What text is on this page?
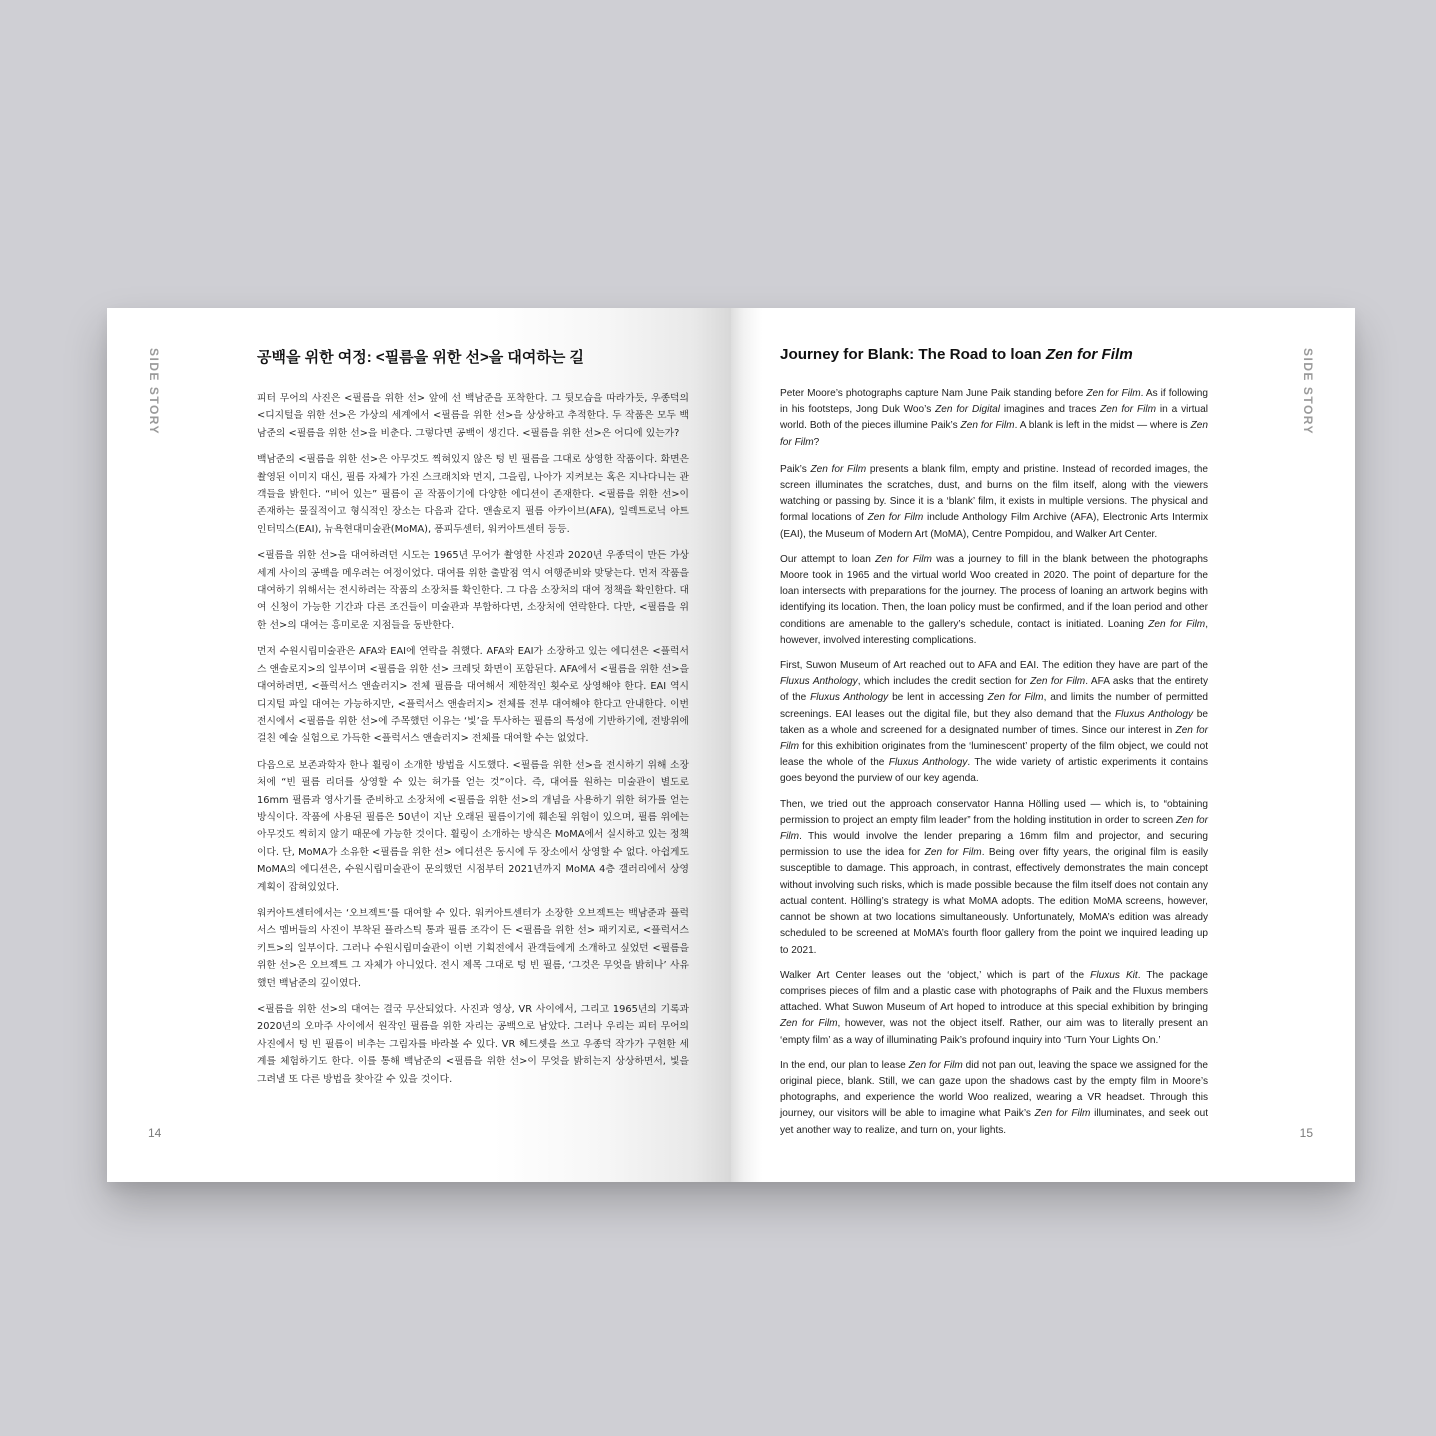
SIDE STORY	공백을 위한 여정: <필름을 위한 선>을 대여하는 길

피터 무어의 사진은 <필름을 위한 선> 앞에 선 백남준을 포착한다. 그 뒷모습을 따라가듯, 우종덕의 <디지털을 위한 선>은 가상의 세계에서 <필름을 위한 선>을 상상하고 추적한다. 두 작품은 모두 백남준의 <필름을 위한 선>을 비춘다. 그렇다면 공백이 생긴다. <필름을 위한 선>은 어디에 있는가?

백남준의 <필름을 위한 선>은 아무것도 찍혀있지 않은 텅 빈 필름을 그대로 상영한 작품이다. 화면은 촬영된 이미지 대신, 필름 자체가 가진 스크래치와 먼지, 그을림, 나아가 지켜보는 혹은 지나다니는 관객들을 밝힌다. “비어 있는” 필름이 곧 작품이기에 다양한 에디션이 존재한다. <필름을 위한 선>이 존재하는 물질적이고 형식적인 장소는 다음과 같다. 앤솔로지 필름 아카이브(AFA), 일렉트로닉 아트 인터믹스(EAI), 뉴욕현대미술관(MoMA), 퐁피두센터, 워커아트센터 등등.

<필름을 위한 선>을 대여하려던 시도는 1965년 무어가 촬영한 사진과 2020년 우종덕이 만든 가상세계 사이의 공백을 메우려는 여정이었다. 대여를 위한 출발점 역시 여행준비와 맞닿는다. 먼저 작품을 대여하기 위해서는 전시하려는 작품의 소장처를 확인한다. 그 다음 소장처의 대여 정책을 확인한다. 대여 신청이 가능한 기간과 다른 조건들이 미술관과 부합하다면, 소장처에 연락한다. 다만, <필름을 위한 선>의 대여는 흥미로운 지점들을 동반한다.

먼저 수원시립미술관은 AFA와 EAI에 연락을 취했다. AFA와 EAI가 소장하고 있는 에디션은 <플럭서스 앤솔로지>의 일부이며 <필름을 위한 선> 크레딧 화면이 포함된다. AFA에서 <필름을 위한 선>을 대여하려면, <플럭서스 앤솔러지> 전체 필름을 대여해서 제한적인 횟수로 상영해야 한다. EAI 역시 디지털 파일 대여는 가능하지만, <플럭서스 앤솔러지> 전체를 전부 대여해야 한다고 안내한다. 이번 전시에서 <필름을 위한 선>에 주목했던 이유는 ‘빛’을 투사하는 필름의 특성에 기반하기에, 전방위에 걸친 예술 실험으로 가득한 <플럭서스 앤솔러지> 전체를 대여할 수는 없었다.

다음으로 보존과학자 한나 횔링이 소개한 방법을 시도했다. <필름을 위한 선>을 전시하기 위해 소장처에 “빈 필름 리더를 상영할 수 있는 허가를 얻는 것”이다. 즉, 대여를 원하는 미술관이 별도로 16mm 필름과 영사기를 준비하고 소장처에 <필름을 위한 선>의 개념을 사용하기 위한 허가를 얻는 방식이다. 작품에 사용된 필름은 50년이 지난 오래된 필름이기에 훼손될 위험이 있으며, 필름 위에는 아무것도 찍히지 않기 때문에 가능한 것이다. 횔링이 소개하는 방식은 MoMA에서 실시하고 있는 정책이다. 단, MoMA가 소유한 <필름을 위한 선> 에디션은 동시에 두 장소에서 상영할 수 없다. 아쉽게도 MoMA의 에디션은, 수원시립미술관이 문의했던 시점부터 2021년까지 MoMA 4층 갤러리에서 상영 계획이 잡혀있었다.

워커아트센터에서는 ‘오브젝트’를 대여할 수 있다. 워커아트센터가 소장한 오브젝트는 백남준과 플럭서스 멤버들의 사진이 부착된 플라스틱 통과 필름 조각이 든 <필름을 위한 선> 패키지로, <플럭서스 키트>의 일부이다. 그러나 수원시립미술관이 이번 기획전에서 관객들에게 소개하고 싶었던 <필름을 위한 선>은 오브젝트 그 자체가 아니었다. 전시 제목 그대로 텅 빈 필름, ‘그것은 무엇을 밝히나’ 사유했던 백남준의 깊이였다.

<필름을 위한 선>의 대여는 결국 무산되었다. 사진과 영상, VR 사이에서, 그리고 1965년의 기록과 2020년의 오마주 사이에서 원작인 필름을 위한 자리는 공백으로 남았다. 그러나 우리는 피터 무어의 사진에서 텅 빈 필름이 비추는 그림자를 바라볼 수 있다. VR 헤드셋을 쓰고 우종덕 작가가 구현한 세계를 체험하기도 한다. 이를 통해 백남준의 <필름을 위한 선>이 무엇을 밝히는지 상상하면서, 빛을 그려낼 또 다른 방법을 찾아갈 수 있을 것이다.

14
SIDE STORY
Journey for Blank: The Road to loan Zen for Film

Peter Moore’s photographs capture Nam June Paik standing before Zen for Film. As if following in his footsteps, Jong Duk Woo’s Zen for Digital imagines and traces Zen for Film in a virtual world. Both of the pieces illumine Paik’s Zen for Film. A blank is left in the midst — where is Zen for Film?

Paik’s Zen for Film presents a blank film, empty and pristine. Instead of recorded images, the screen illuminates the scratches, dust, and burns on the film itself, along with the viewers watching or passing by. Since it is a ‘blank’ film, it exists in multiple versions. The physical and formal locations of Zen for Film include Anthology Film Archive (AFA), Electronic Arts Intermix (EAI), the Museum of Modern Art (MoMA), Centre Pompidou, and Walker Art Center.

Our attempt to loan Zen for Film was a journey to fill in the blank between the photographs Moore took in 1965 and the virtual world Woo created in 2020. The point of departure for the loan intersects with preparations for the journey. The process of loaning an artwork begins with identifying its location. Then, the loan policy must be confirmed, and if the loan period and other conditions are amenable to the gallery’s schedule, contact is initiated. Loaning Zen for Film, however, involved interesting complications.

First, Suwon Museum of Art reached out to AFA and EAI. The edition they have are part of the Fluxus Anthology, which includes the credit section for Zen for Film. AFA asks that the entirety of the Fluxus Anthology be lent in accessing Zen for Film, and limits the number of permitted screenings. EAI leases out the digital file, but they also demand that the Fluxus Anthology be taken as a whole and screened for a designated number of times. Since our interest in Zen for Film for this exhibition originates from the ‘luminescent’ property of the film object, we could not lease the whole of the Fluxus Anthology. The wide variety of artistic experiments it contains goes beyond the purview of our key agenda.

Then, we tried out the approach conservator Hanna Hölling used — which is, to “obtaining permission to project an empty film leader” from the holding institution in order to screen Zen for Film. This would involve the lender preparing a 16mm film and projector, and securing permission to use the idea for Zen for Film. Being over fifty years, the original film is easily susceptible to damage. This approach, in contrast, effectively demonstrates the main concept without involving such risks, which is made possible because the film itself does not contain any actual content. Hölling’s strategy is what MoMA adopts. The edition MoMA screens, however, cannot be shown at two locations simultaneously. Unfortunately, MoMA’s edition was already scheduled to be screened at MoMA’s fourth floor gallery from the point we inquired leading up to 2021.

Walker Art Center leases out the ‘object,’ which is part of the Fluxus Kit. The package comprises pieces of film and a plastic case with photographs of Paik and the Fluxus members attached. What Suwon Museum of Art hoped to introduce at this special exhibition by bringing Zen for Film, however, was not the object itself. Rather, our aim was to literally present an ‘empty film’ as a way of illuminating Paik’s profound inquiry into ‘Turn Your Lights On.’

In the end, our plan to lease Zen for Film did not pan out, leaving the space we assigned for the original piece, blank. Still, we can gaze upon the shadows cast by the empty film in Moore’s photographs, and experience the world Woo realized, wearing a VR headset. Through this journey, our visitors will be able to imagine what Paik’s Zen for Film illuminates, and seek out yet another way to realize, and turn on, your lights.	15
